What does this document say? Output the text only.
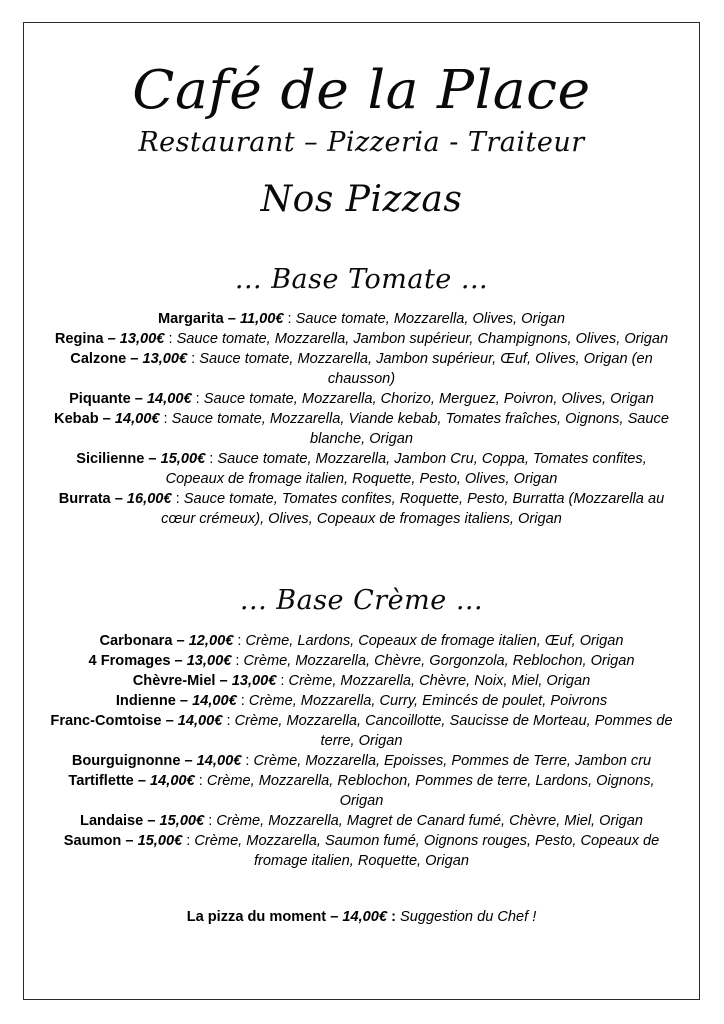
Café de la Place
Restaurant – Pizzeria - Traiteur
Nos Pizzas
... Base Tomate ...
Margarita – 11,00€ : Sauce tomate, Mozzarella, Olives, Origan
Regina – 13,00€ : Sauce tomate, Mozzarella, Jambon supérieur, Champignons, Olives, Origan
Calzone – 13,00€ : Sauce tomate, Mozzarella, Jambon supérieur, Œuf, Olives, Origan (en chausson)
Piquante – 14,00€ : Sauce tomate, Mozzarella, Chorizo, Merguez, Poivron, Olives, Origan
Kebab – 14,00€ : Sauce tomate, Mozzarella, Viande kebab, Tomates fraîches, Oignons, Sauce blanche, Origan
Sicilienne – 15,00€ : Sauce tomate, Mozzarella, Jambon Cru, Coppa, Tomates confites, Copeaux de fromage italien, Roquette, Pesto, Olives, Origan
Burrata – 16,00€ : Sauce tomate, Tomates confites, Roquette, Pesto, Burratta (Mozzarella au cœur crémeux), Olives, Copeaux de fromages italiens, Origan
... Base Crème ...
Carbonara – 12,00€ : Crème, Lardons, Copeaux de fromage italien, Œuf, Origan
4 Fromages – 13,00€ : Crème, Mozzarella, Chèvre, Gorgonzola, Reblochon, Origan
Chèvre-Miel – 13,00€ : Crème, Mozzarella, Chèvre, Noix, Miel, Origan
Indienne – 14,00€ : Crème, Mozzarella, Curry, Emincés de poulet, Poivrons
Franc-Comtoise – 14,00€ : Crème, Mozzarella, Cancoillotte, Saucisse de Morteau, Pommes de terre, Origan
Bourguignonne – 14,00€ : Crème, Mozzarella, Epoisses, Pommes de Terre, Jambon cru
Tartiflette – 14,00€ : Crème, Mozzarella, Reblochon, Pommes de terre, Lardons, Oignons, Origan
Landaise – 15,00€ : Crème, Mozzarella, Magret de Canard fumé, Chèvre, Miel, Origan
Saumon – 15,00€ : Crème, Mozzarella, Saumon fumé, Oignons rouges, Pesto, Copeaux de fromage italien, Roquette, Origan
La pizza du moment – 14,00€ : Suggestion du Chef !
